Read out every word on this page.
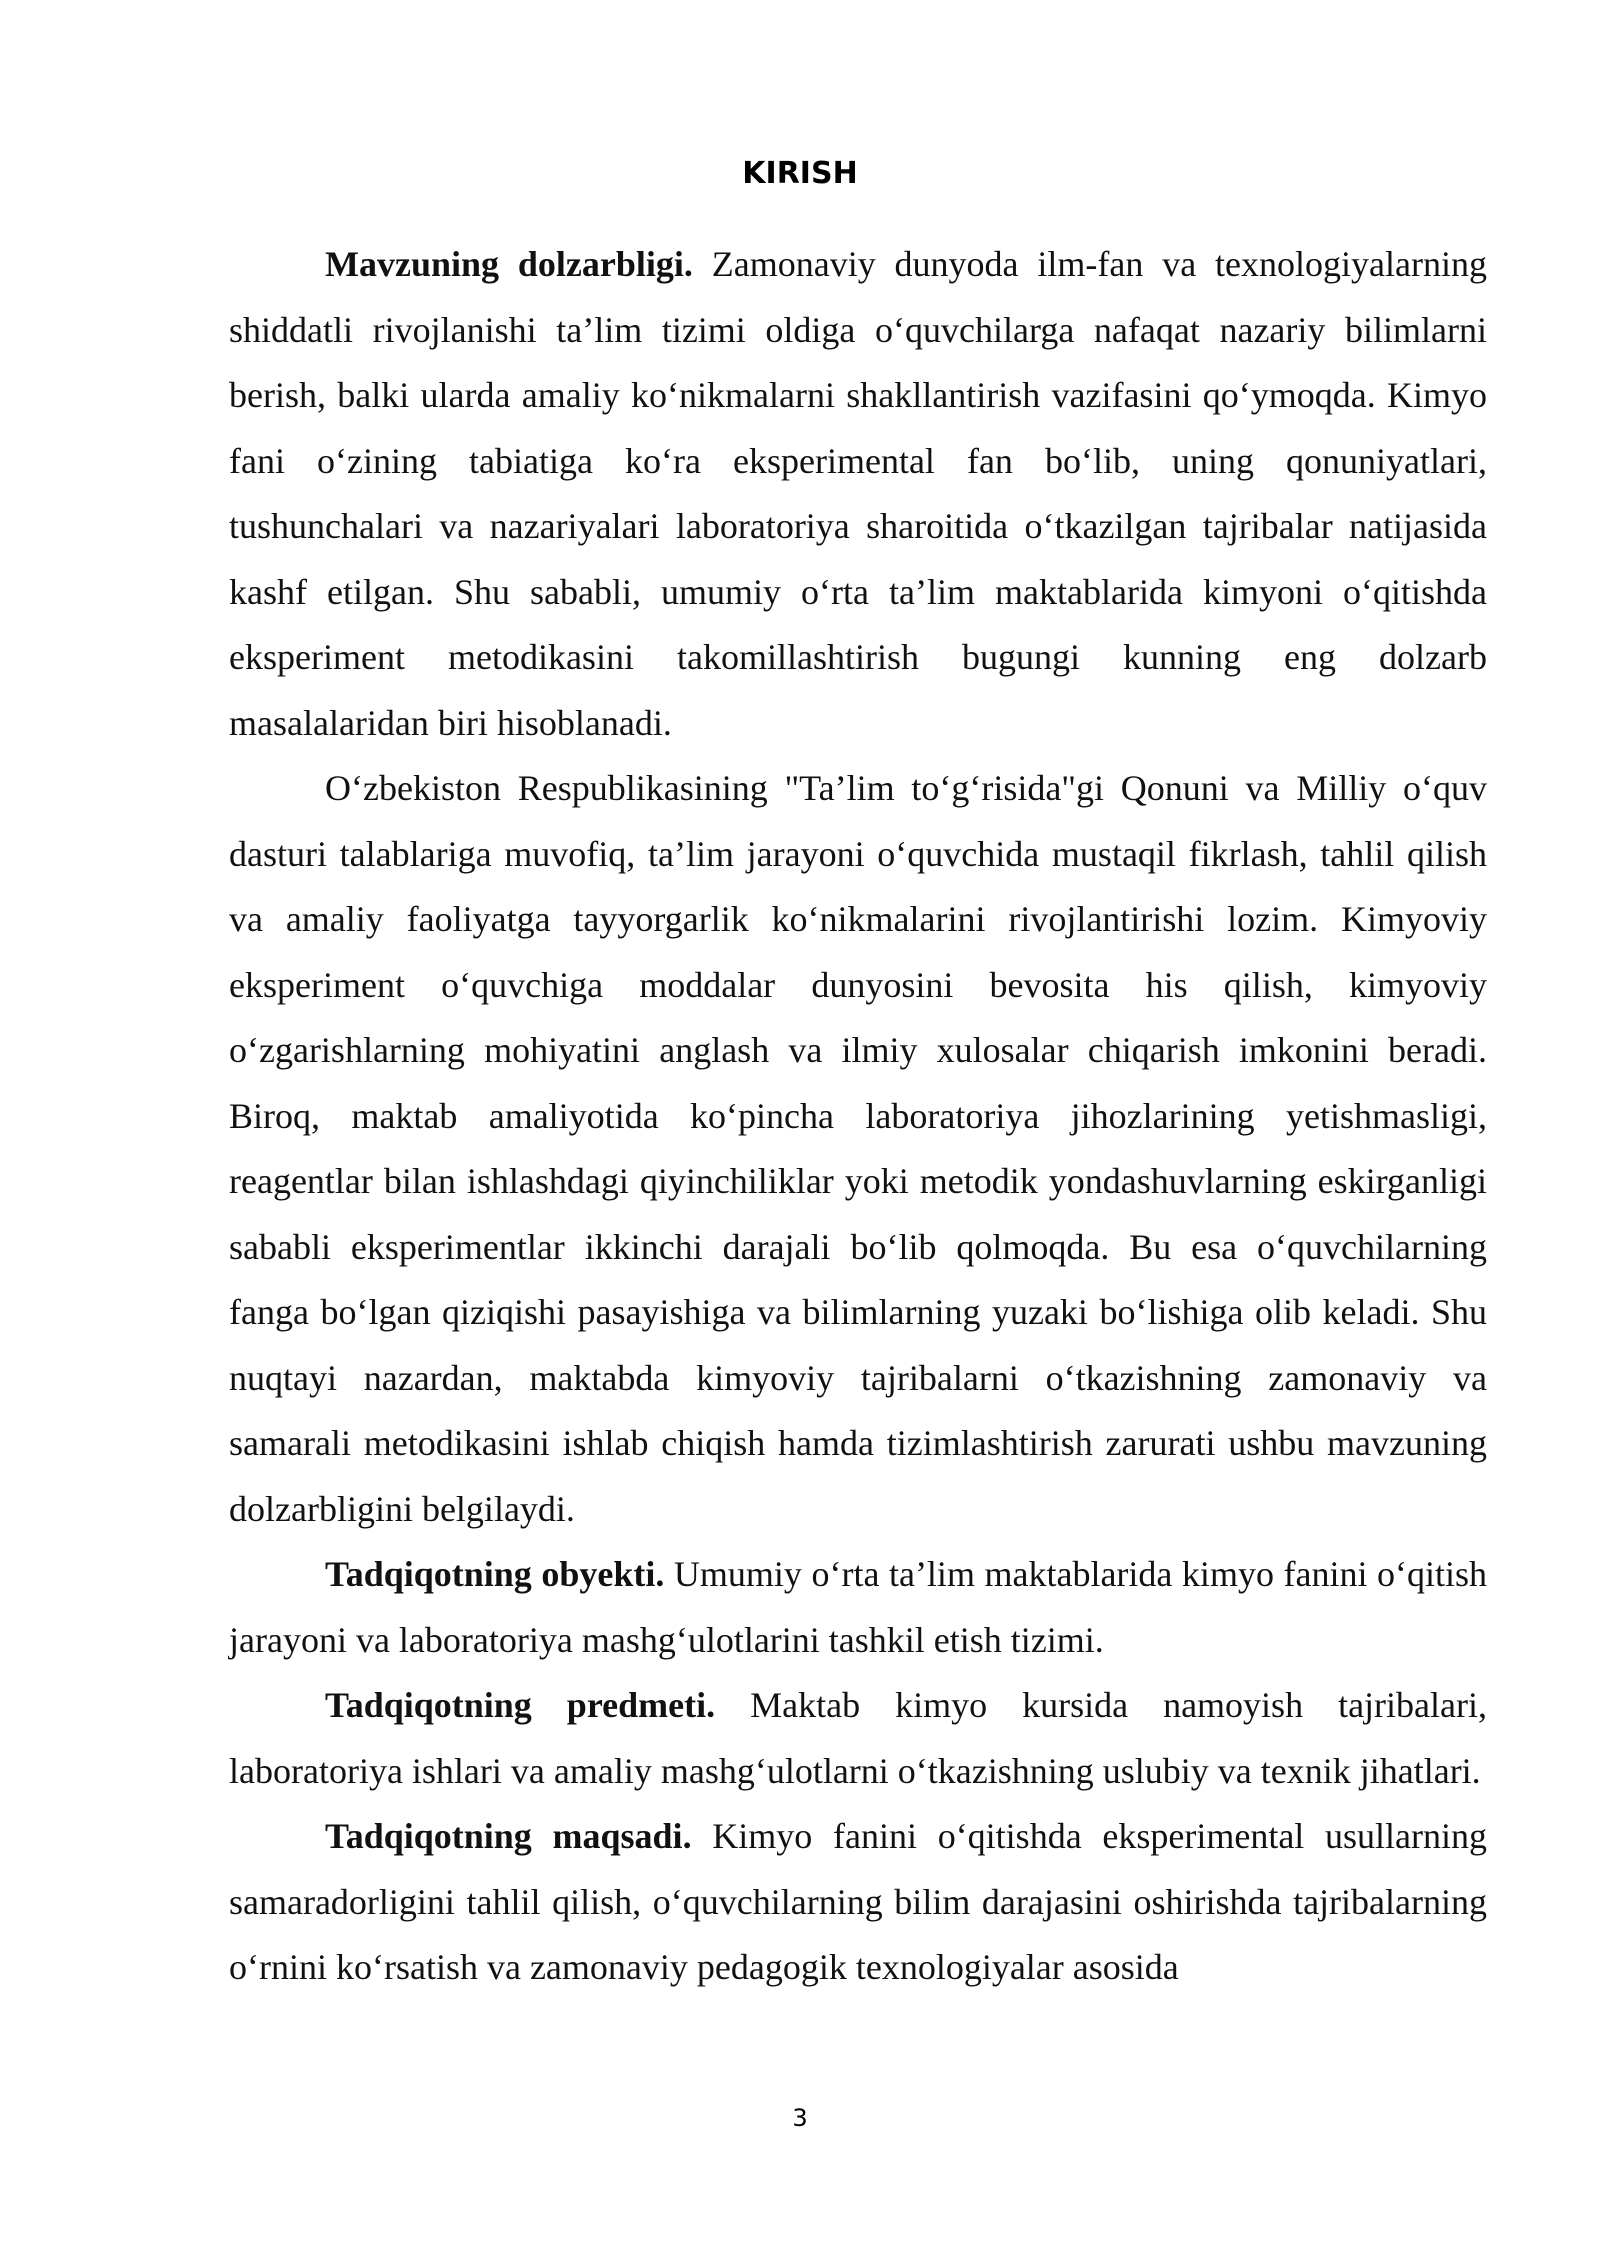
KIRISH

Mavzuning dolzarbligi. Zamonaviy dunyoda ilm-fan va texnologiyalarning shiddatli rivojlanishi ta’lim tizimi oldiga o‘quvchilarga nafaqat nazariy bilimlarni berish, balki ularda amaliy ko‘nikmalarni shakllantirish vazifasini qo‘ymoqda. Kimyo fani o‘zining tabiatiga ko‘ra eksperimental fan bo‘lib, uning qonuniyatlari, tushunchalari va nazariyalari laboratoriya sharoitida o‘tkazilgan tajribalar natijasida kashf etilgan. Shu sababli, umumiy o‘rta ta’lim maktablarida kimyoni o‘qitishda eksperiment metodikasini takomillashtirish bugungi kunning eng dolzarb masalalaridan biri hisoblanadi.

O‘zbekiston Respublikasining "Ta’lim to‘g‘risida"gi Qonuni va Milliy o‘quv dasturi talablariga muvofiq, ta’lim jarayoni o‘quvchida mustaqil fikrlash, tahlil qilish va amaliy faoliyatga tayyorgarlik ko‘nikmalarini rivojlantirishi lozim. Kimyoviy eksperiment o‘quvchiga moddalar dunyosini bevosita his qilish, kimyoviy o‘zgarishlarning mohiyatini anglash va ilmiy xulosalar chiqarish imkonini beradi. Biroq, maktab amaliyotida ko‘pincha laboratoriya jihozlarining yetishmasligi, reagentlar bilan ishlashdagi qiyinchiliklar yoki metodik yondashuvlarning eskirganligi sababli eksperimentlar ikkinchi darajali bo‘lib qolmoqda. Bu esa o‘quvchilarning fanga bo‘lgan qiziqishi pasayishiga va bilimlarning yuzaki bo‘lishiga olib keladi. Shu nuqtayi nazardan, maktabda kimyoviy tajribalarni o‘tkazishning zamonaviy va samarali metodikasini ishlab chiqish hamda tizimlashtirish zarurati ushbu mavzuning dolzarbligini belgilaydi.

Tadqiqotning obyekti. Umumiy o‘rta ta’lim maktablarida kimyo fanini o‘qitish jarayoni va laboratoriya mashg‘ulotlarini tashkil etish tizimi.

Tadqiqotning predmeti. Maktab kimyo kursida namoyish tajribalari, laboratoriya ishlari va amaliy mashg‘ulotlarni o‘tkazishning uslubiy va texnik jihatlari.

Tadqiqotning maqsadi. Kimyo fanini o‘qitishda eksperimental usullarning samaradorligini tahlil qilish, o‘quvchilarning bilim darajasini oshirishda tajribalarning o‘rnini ko‘rsatish va zamonaviy pedagogik texnologiyalar asosida

3
